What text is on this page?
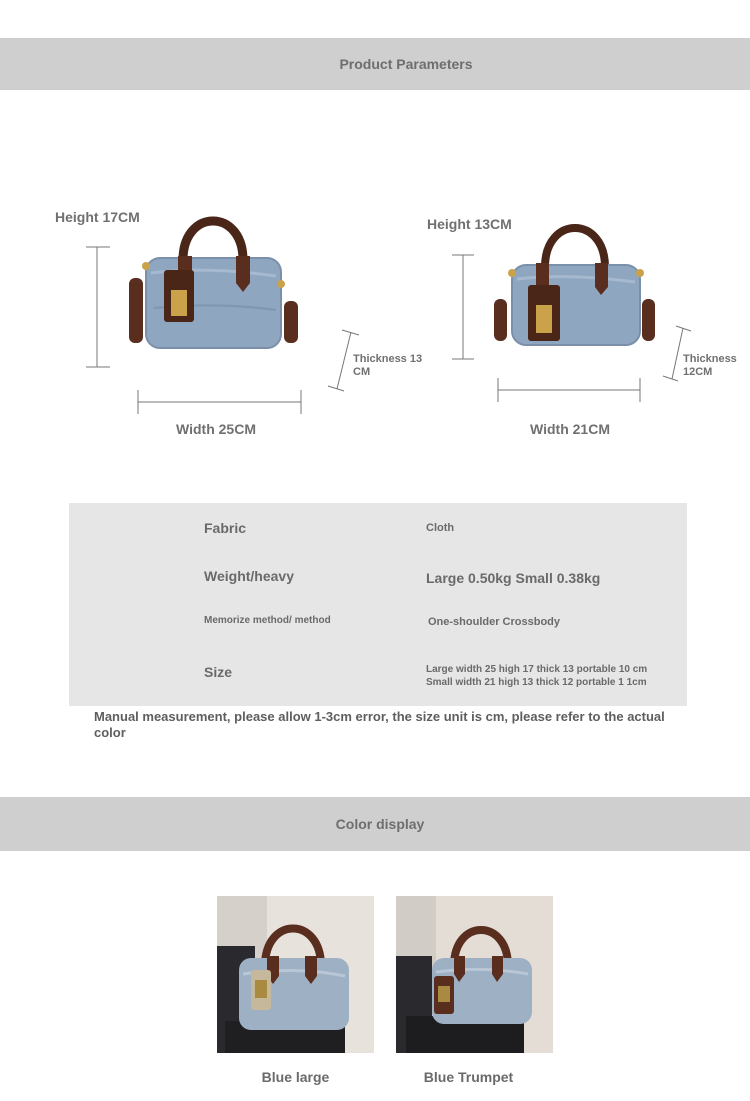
Product Parameters
Height 17CM
Width 25CM
Thickness 13 CM
Height 13CM
Width 21CM
Thickness 12CM
Fabric	Cloth
Weight/heavy	Large 0.50kg Small 0.38kg
Memorize method/ method	One-shoulder Crossbody
Size	Large width 25 high 17 thick 13 portable 10 cm Small width 21 high 13 thick 12 portable 1 1cm
Manual measurement, please allow 1-3cm error, the size unit is cm, please refer to the actual color
Color display
Blue large	Blue Trumpet
